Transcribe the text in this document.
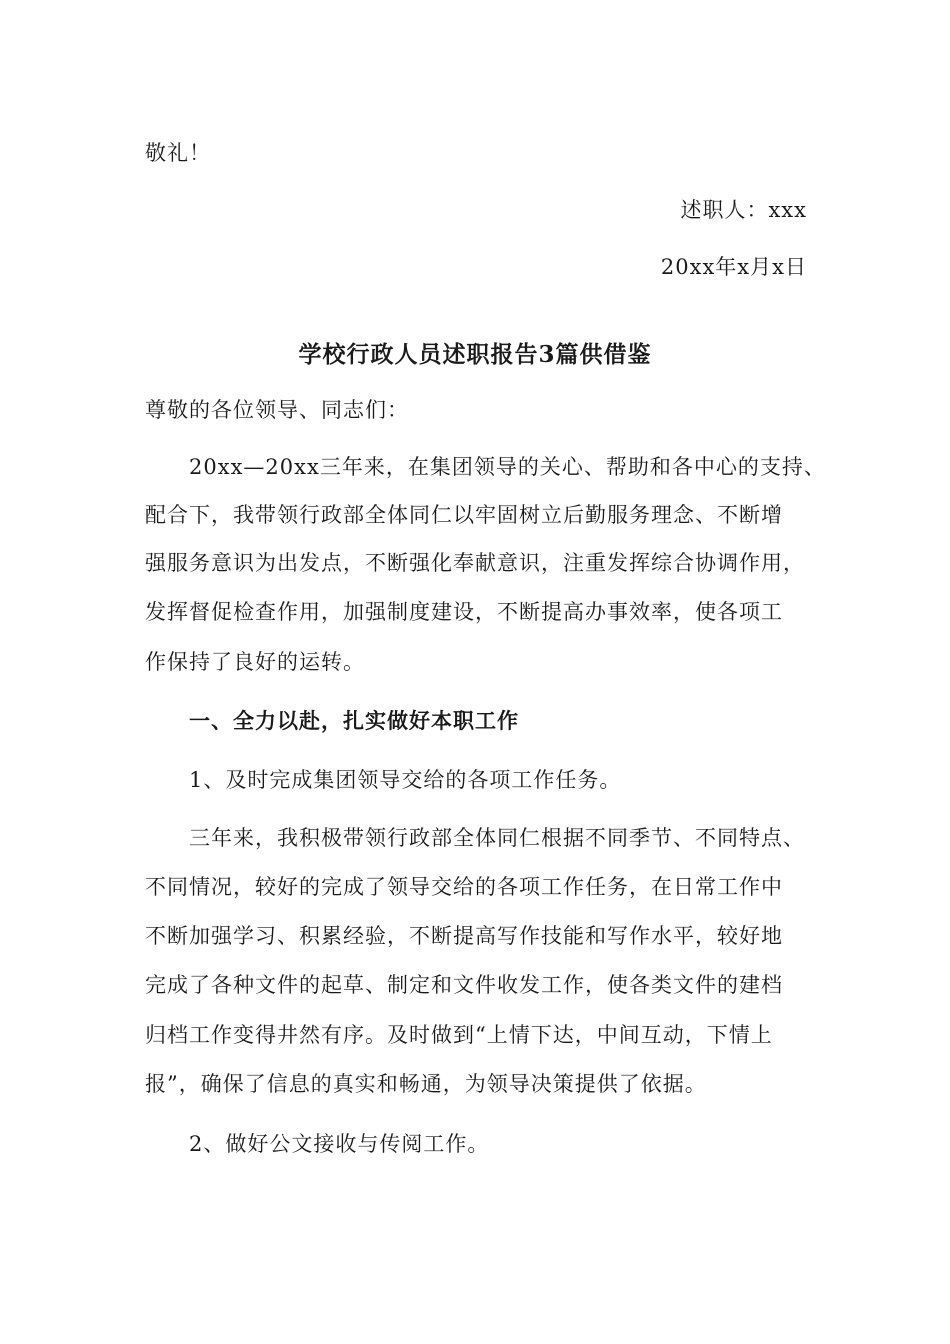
敬礼！
述职人：xxx
20xx年x月x日
学校行政人员述职报告3篇供借鉴
尊敬的各位领导、同志们：
20xx—20xx三年来，在集团领导的关心、帮助和各中心的支持、
配合下，我带领行政部全体同仁以牢固树立后勤服务理念、不断增
强服务意识为出发点，不断强化奉献意识，注重发挥综合协调作用，
发挥督促检查作用，加强制度建设，不断提高办事效率，使各项工
作保持了良好的运转。
一、全力以赴，扎实做好本职工作
1、及时完成集团领导交给的各项工作任务。
三年来，我积极带领行政部全体同仁根据不同季节、不同特点、
不同情况，较好的完成了领导交给的各项工作任务，在日常工作中
不断加强学习、积累经验，不断提高写作技能和写作水平，较好地
完成了各种文件的起草、制定和文件收发工作，使各类文件的建档
归档工作变得井然有序。及时做到“上情下达，中间互动，下情上
报”，确保了信息的真实和畅通，为领导决策提供了依据。
2、做好公文接收与传阅工作。
